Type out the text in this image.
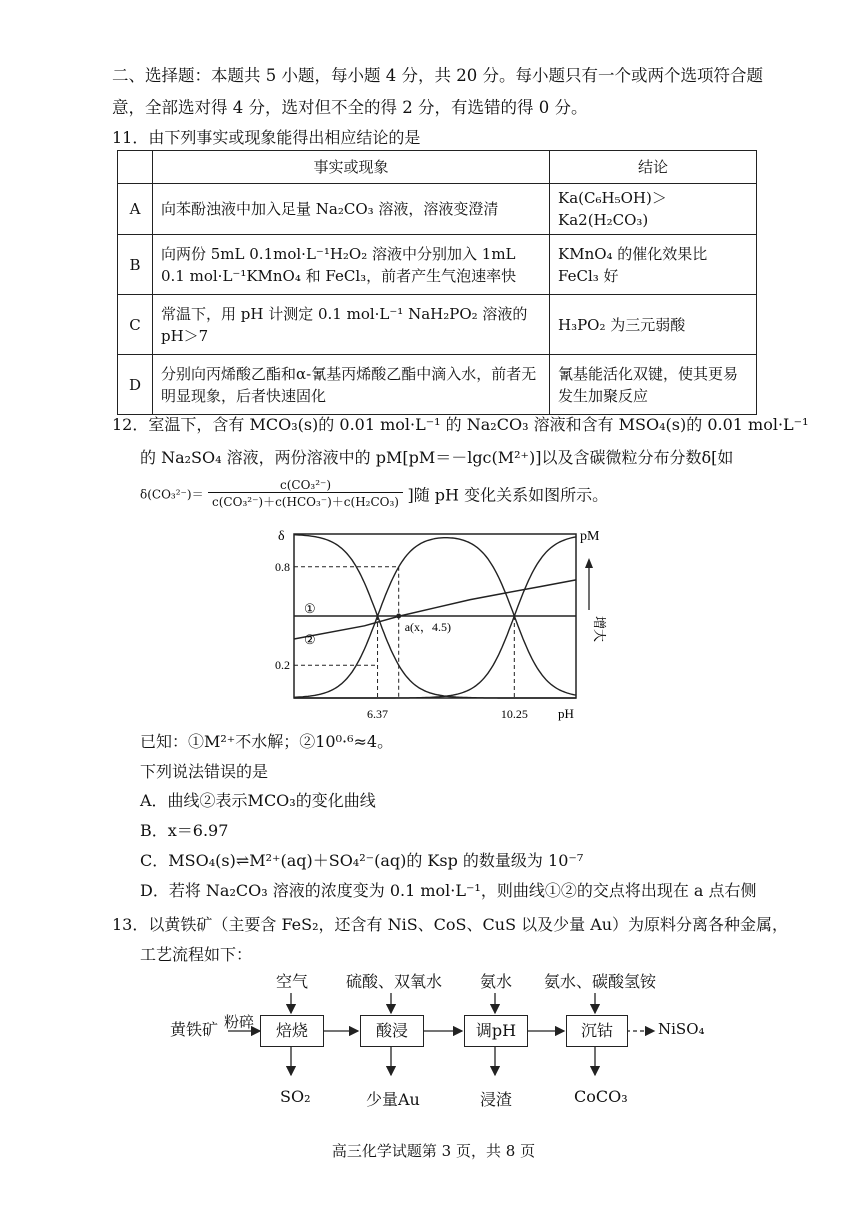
二、选择题：本题共 5 小题，每小题 4 分，共 20 分。每小题只有一个或两个选项符合题
意，全部选对得 4 分，选对但不全的得 2 分，有选错的得 0 分。
11．由下列事实或现象能得出相应结论的是
	事实或现象	结论
A	向苯酚浊液中加入足量 Na₂CO₃ 溶液，溶液变澄清	Ka(C₆H₅OH)＞Ka2(H₂CO₃)
B	向两份 5mL 0.1mol·L⁻¹H₂O₂ 溶液中分别加入 1mL 0.1 mol·L⁻¹KMnO₄ 和 FeCl₃，前者产生气泡速率快	KMnO₄ 的催化效果比 FeCl₃ 好
C	常温下，用 pH 计测定 0.1 mol·L⁻¹ NaH₂PO₂ 溶液的 pH＞7	H₃PO₂ 为三元弱酸
D	分别向丙烯酸乙酯和α-氰基丙烯酸乙酯中滴入水，前者无明显现象，后者快速固化	氰基能活化双键，使其更易发生加聚反应
12．室温下，含有 MCO₃(s)的 0.01 mol·L⁻¹ 的 Na₂CO₃ 溶液和含有 MSO₄(s)的 0.01 mol·L⁻¹
的 Na₂SO₄ 溶液，两份溶液中的 pM[pM＝－lgc(M²⁺)]以及含碳微粒分布分数δ[如
$\delta(CO_3^{2-})= \frac{\text{c(CO₃²⁻)}}{\text{c(CO₃²⁻)＋c(HCO₃⁻)＋c(H₂CO₃)}}$ ]随 pH 变化关系如图所示。
δ	pM
pH
增大
a(x，4.5)
①
②
0.2
0.8
6.37	10.25
已知：①M²⁺不水解；②10⁰·⁶≈4。
下列说法错误的是
A．曲线②表示MCO₃的变化曲线
B．x＝6.97
C．MSO₄(s)⇌M²⁺(aq)＋SO₄²⁻(aq)的 Ksp 的数量级为 10⁻⁷
D．若将 Na₂CO₃ 溶液的浓度变为 0.1 mol·L⁻¹，则曲线①②的交点将出现在 a 点右侧
13．以黄铁矿（主要含 FeS₂，还含有 NiS、CoS、CuS 以及少量 Au）为原料分离各种金属，
工艺流程如下：
黄铁矿 粉碎	焙烧	酸浸	调pH	沉钴
空气 硫酸、双氧水 氨水 氨水、碳酸氢铵
SO₂	少量Au	浸渣	CoCO₃
NiSO₄
高三化学试题第 3 页，共 8 页
